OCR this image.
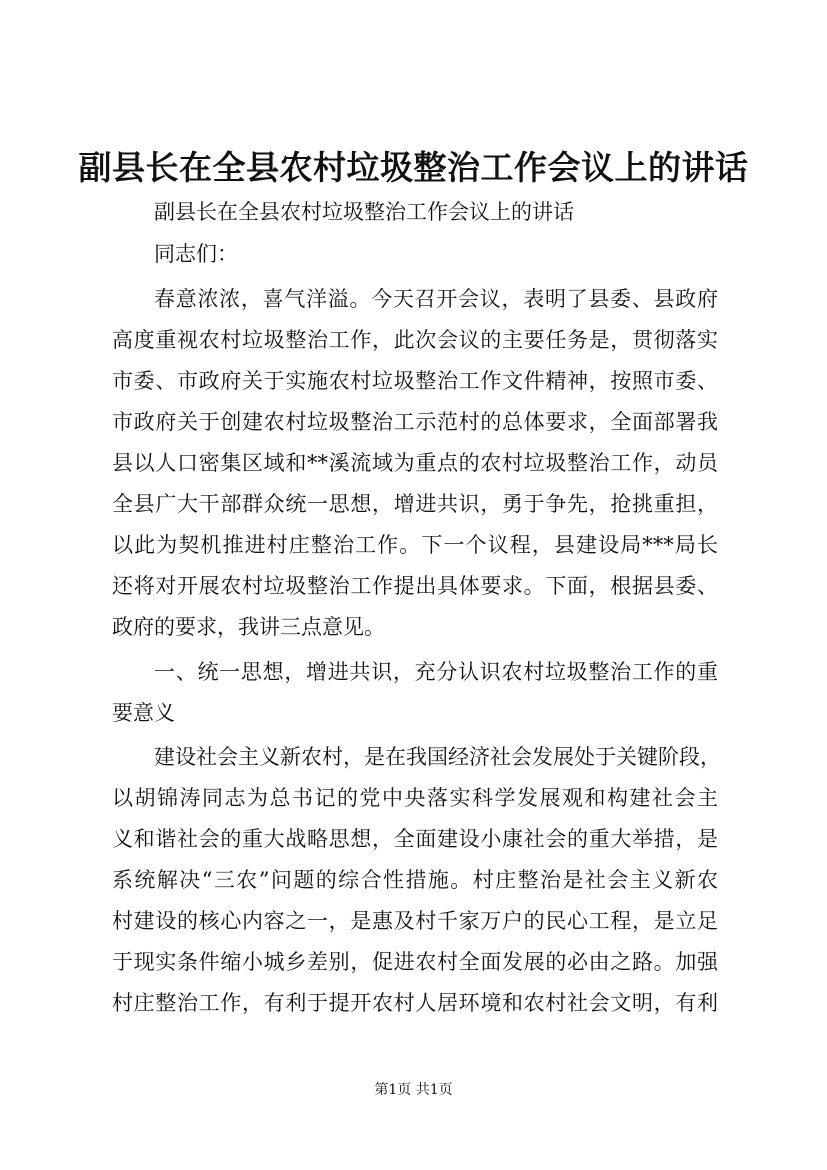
副县长在全县农村垃圾整治工作会议上的讲话
副县长在全县农村垃圾整治工作会议上的讲话
同志们：
春意浓浓，喜气洋溢。今天召开会议，表明了县委、县政府
高度重视农村垃圾整治工作，此次会议的主要任务是，贯彻落实
市委、市政府关于实施农村垃圾整治工作文件精神，按照市委、
市政府关于创建农村垃圾整治工示范村的总体要求，全面部署我
县以人口密集区域和**溪流域为重点的农村垃圾整治工作，动员
全县广大干部群众统一思想，增进共识，勇于争先，抢挑重担，
以此为契机推进村庄整治工作。下一个议程，县建设局***局长
还将对开展农村垃圾整治工作提出具体要求。下面，根据县委、
政府的要求，我讲三点意见。
一、统一思想，增进共识，充分认识农村垃圾整治工作的重
要意义
建设社会主义新农村，是在我国经济社会发展处于关键阶段，
以胡锦涛同志为总书记的党中央落实科学发展观和构建社会主
义和谐社会的重大战略思想，全面建设小康社会的重大举措，是
系统解决“三农”问题的综合性措施。村庄整治是社会主义新农
村建设的核心内容之一，是惠及村千家万户的民心工程，是立足
于现实条件缩小城乡差别，促进农村全面发展的必由之路。加强
村庄整治工作，有利于提开农村人居环境和农村社会文明，有利
第1页 共1页
